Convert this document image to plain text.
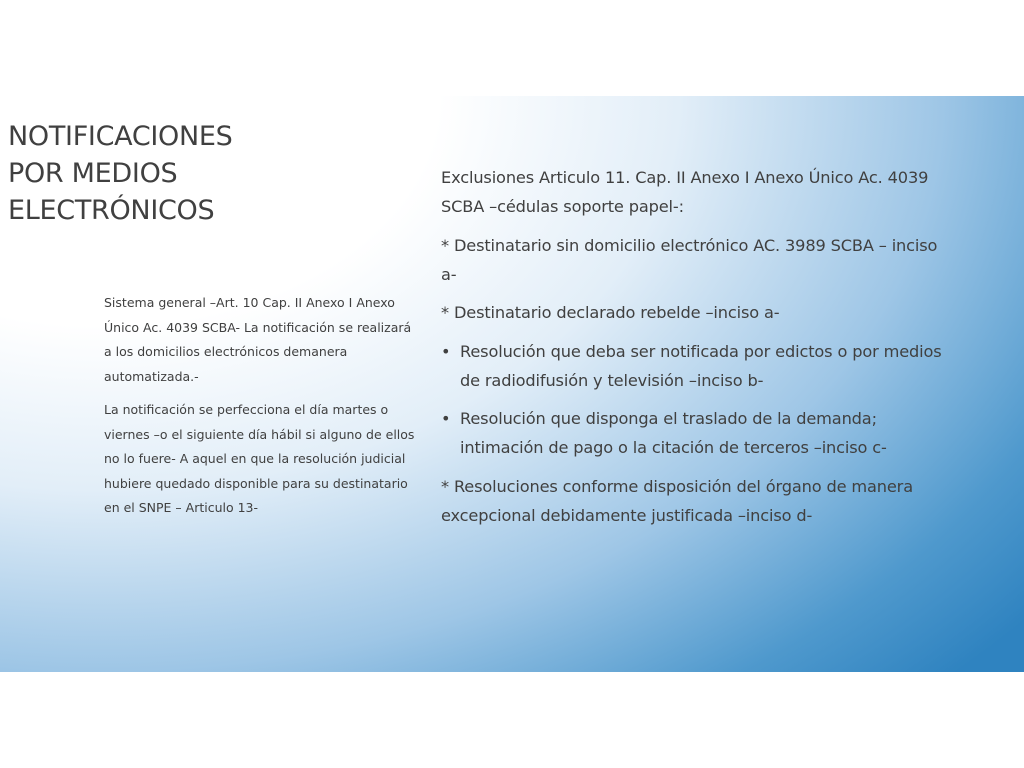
NOTIFICACIONES
POR MEDIOS
ELECTRÓNICOS

Sistema general –Art. 10 Cap. II Anexo I Anexo Único Ac. 4039 SCBA- La notificación se realizará a los domicilios electrónicos demanera automatizada.-

La notificación se perfecciona el día martes o viernes –o el siguiente día hábil si alguno de ellos no lo fuere- A aquel en que la resolución judicial hubiere quedado disponible para su destinatario en el SNPE – Articulo 13-

Exclusiones Articulo 11. Cap. II Anexo I Anexo Único Ac. 4039 SCBA –cédulas soporte papel-:
* Destinatario sin domicilio electrónico AC. 3989 SCBA – inciso a-
* Destinatario declarado rebelde –inciso a-
• Resolución que deba ser notificada por edictos o por medios de radiodifusión y televisión –inciso b-
• Resolución que disponga el traslado de la demanda; intimación de pago o la citación de terceros –inciso c-
* Resoluciones conforme disposición del órgano de manera excepcional debidamente justificada –inciso d-
